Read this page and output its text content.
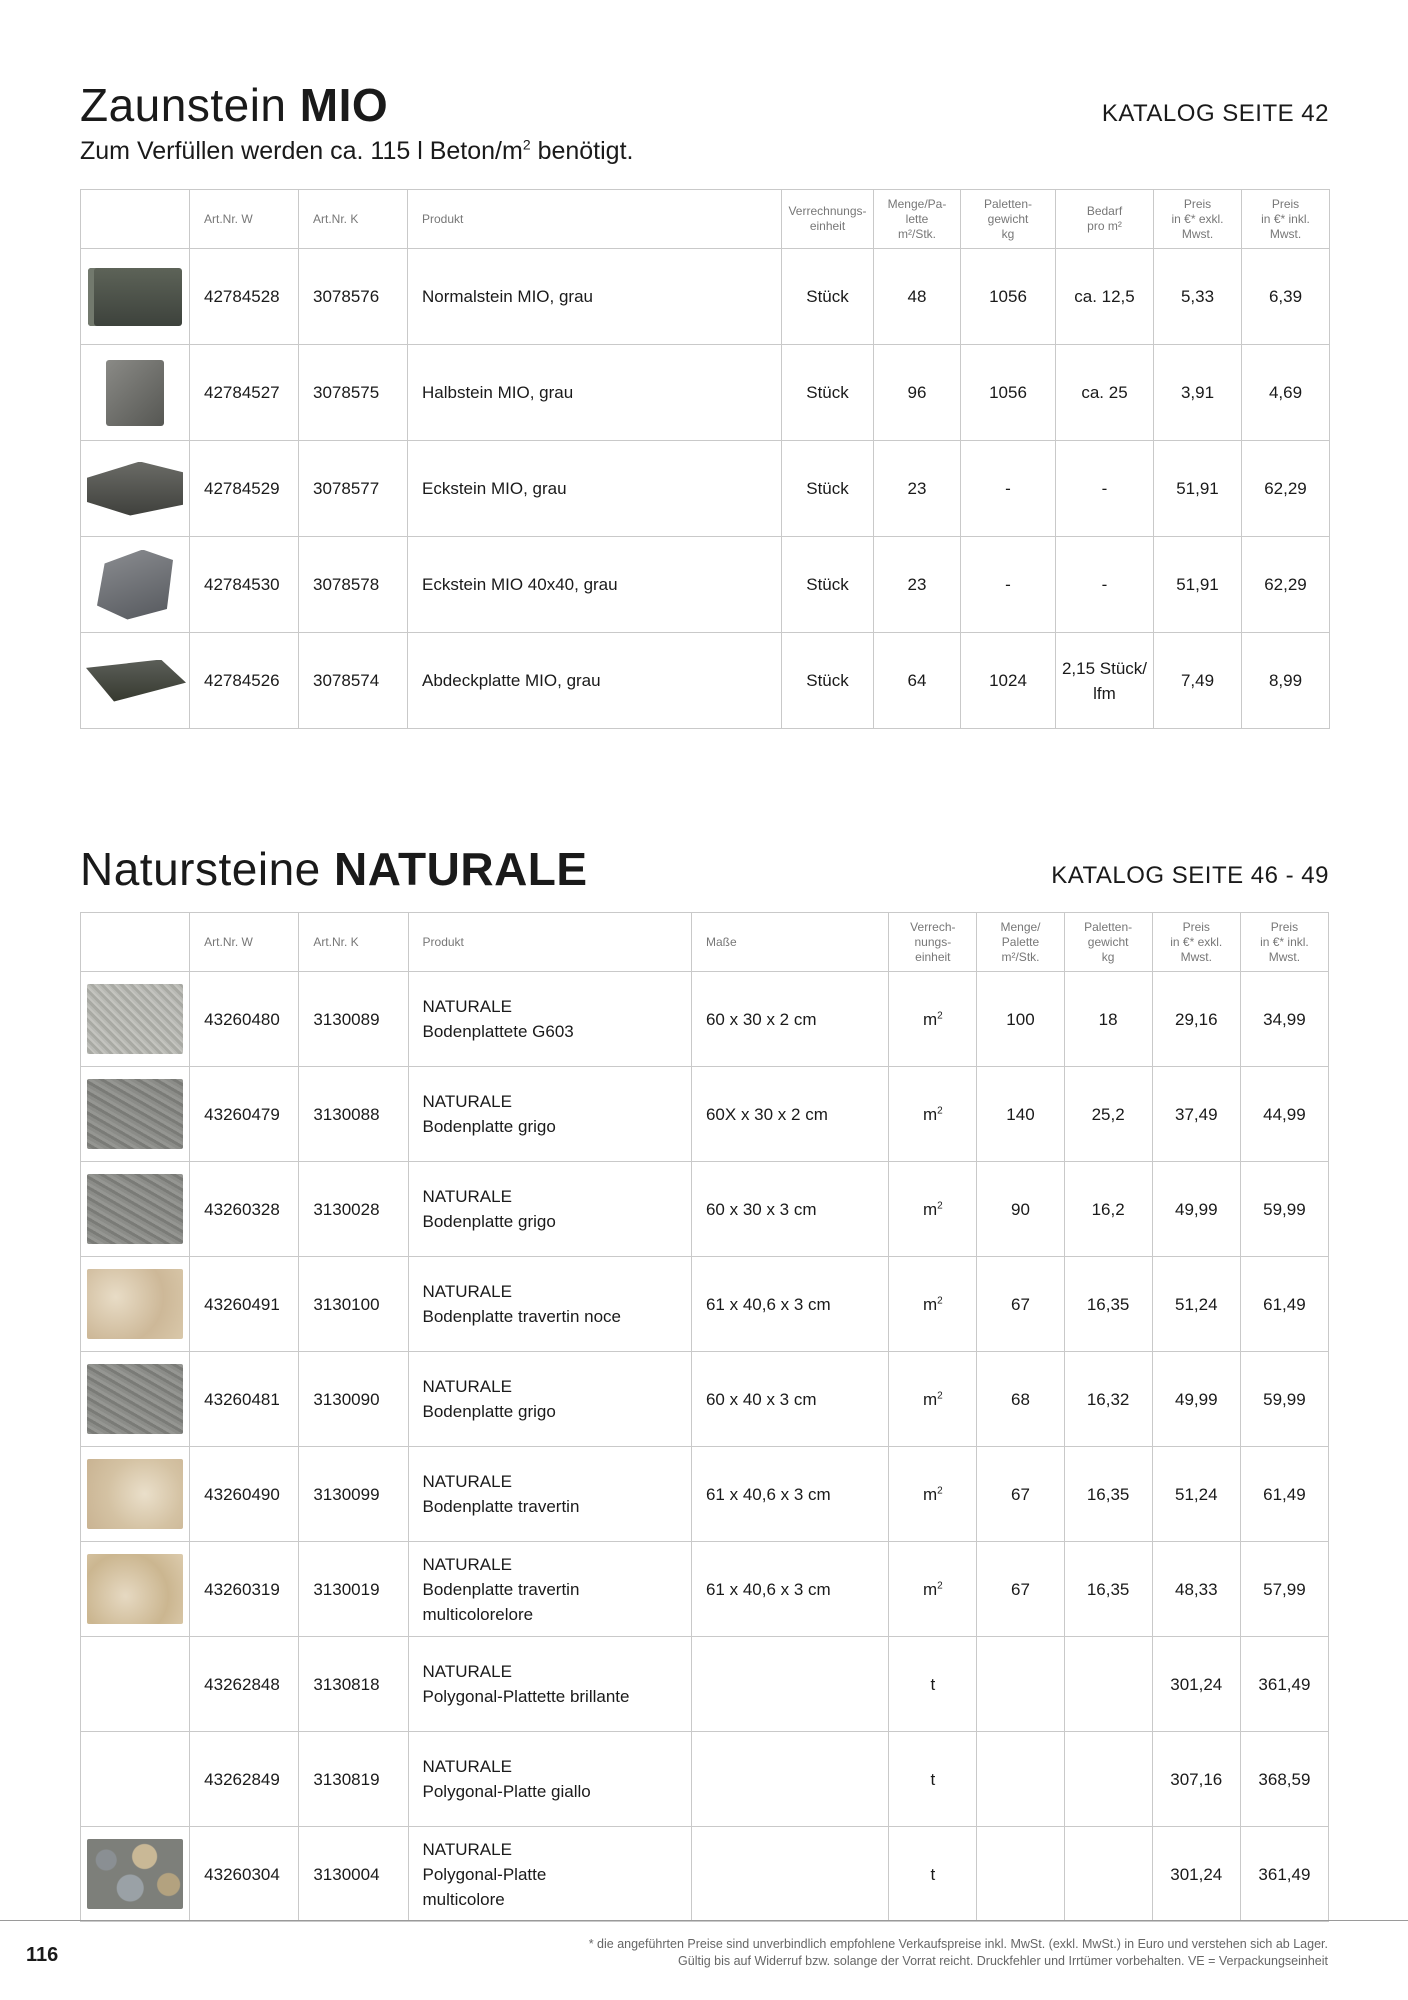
Zaunstein MIO	KATALOG SEITE 42
Zum Verfüllen werden ca. 115 l Beton/$m^2$ benötigt.
	Art.Nr. W	Art.Nr. K	Produkt	Verrechnungs-
einheit	Menge/Pa-
lette
m²/Stk.	Paletten-
gewicht
kg	Bedarf
pro m²	Preis
in €* exkl.
Mwst.	Preis
in €* inkl.
Mwst.

	42784528	3078576	Normalstein MIO, grau	Stück	48	1056	ca. 12,5	5,33	6,39

	42784527	3078575	Halbstein MIO, grau	Stück	96	1056	ca. 25	3,91	4,69

	42784529	3078577	Eckstein MIO, grau	Stück	23	-	-	51,91	62,29

	42784530	3078578	Eckstein MIO 40x40, grau	Stück	23	-	-	51,91	62,29

	42784526	3078574	Abdeckplatte MIO, grau	Stück	64	1024	2,15 Stück/
lfm	7,49	8,99
Natursteine NATURALE	KATALOG SEITE 46 - 49
	Art.Nr. W	Art.Nr. K	Produkt	Maße	Verrech-
nungs-
einheit	Menge/
Palette
m²/Stk.	Paletten-
gewicht
kg	Preis
in €* exkl.
Mwst.	Preis
in €* inkl.
Mwst.

	43260480	3130089	NATURALE
Bodenplattete G603	60 x 30 x 2 cm	$m^2$	100	18	29,16	34,99

	43260479	3130088	NATURALE
Bodenplatte grigo	60X x 30 x 2 cm	$m^2$	140	25,2	37,49	44,99

	43260328	3130028	NATURALE
Bodenplatte grigo	60 x 30 x 3 cm	$m^2$	90	16,2	49,99	59,99

	43260491	3130100	NATURALE
Bodenplatte travertin noce	61 x 40,6 x 3 cm	$m^2$	67	16,35	51,24	61,49

	43260481	3130090	NATURALE
Bodenplatte grigo	60 x 40 x 3 cm	$m^2$	68	16,32	49,99	59,99

	43260490	3130099	NATURALE
Bodenplatte travertin	61 x 40,6 x 3 cm	$m^2$	67	16,35	51,24	61,49

	43260319	3130019	NATURALE
Bodenplatte travertin
multicolorelore	61 x 40,6 x 3 cm	$m^2$	67	16,35	48,33	57,99
	43262848	3130818	NATURALE
Polygonal-Plattette brillante		t			301,24	361,49
	43262849	3130819	NATURALE
Polygonal-Platte giallo		t			307,16	368,59

	43260304	3130004	NATURALE
Polygonal-Platte
multicolore		t			301,24	361,49
116	* die angeführten Preise sind unverbindlich empfohlene Verkaufspreise inkl. MwSt. (exkl. MwSt.) in Euro und verstehen sich ab Lager.
Gültig bis auf Widerruf bzw. solange der Vorrat reicht. Druckfehler und Irrtümer vorbehalten. VE = Verpackungseinheit
